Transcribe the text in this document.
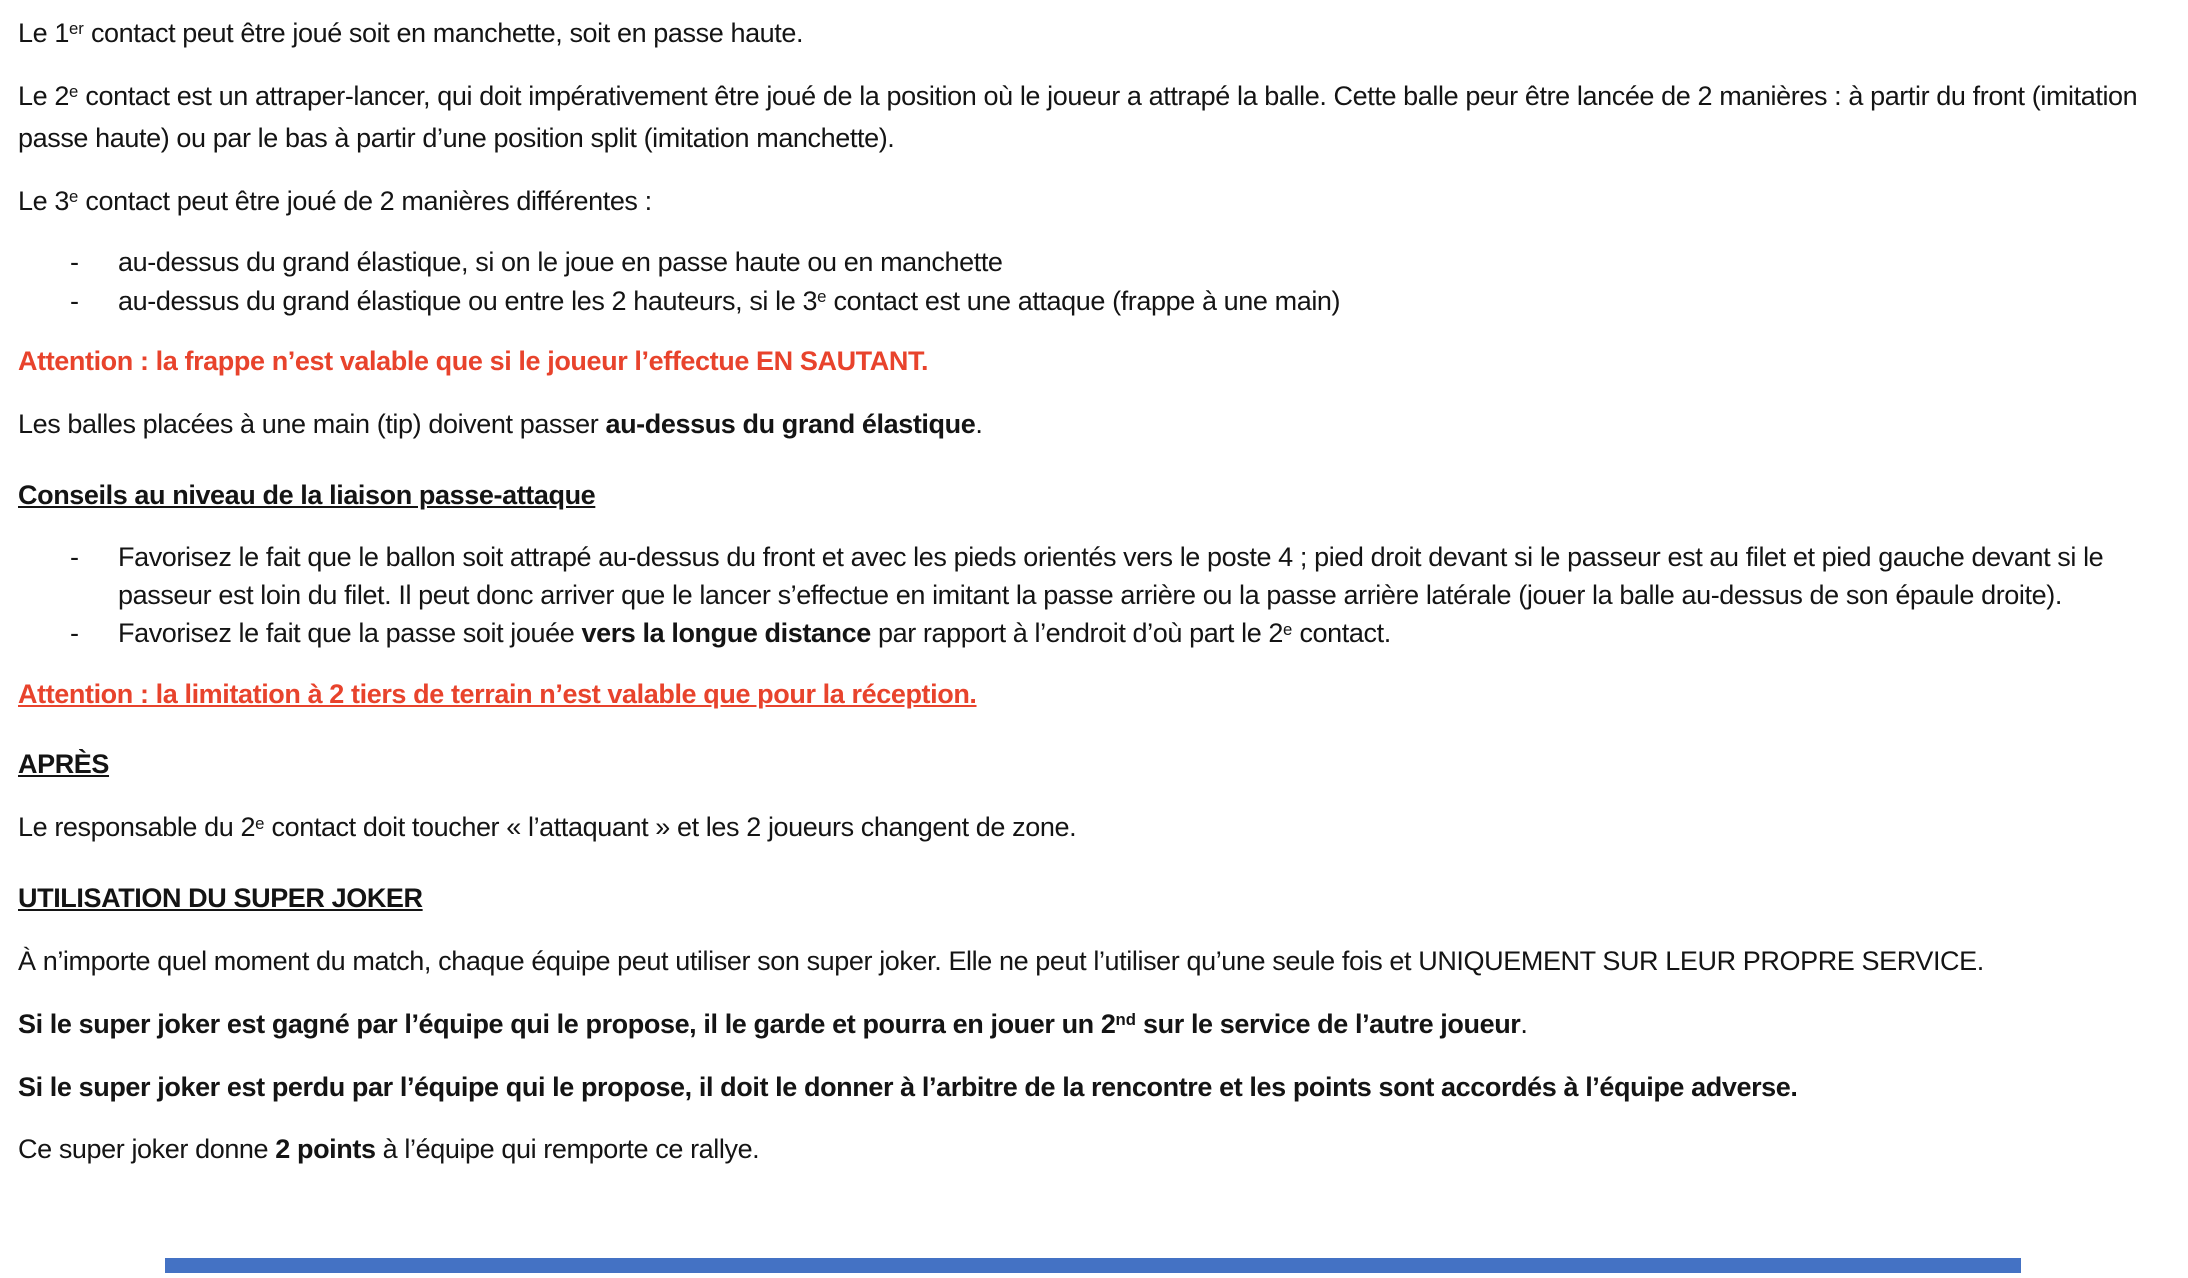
Le 1er contact peut être joué soit en manchette, soit en passe haute.

Le 2e contact est un attraper-lancer, qui doit impérativement être joué de la position où le joueur a attrapé la balle. Cette balle peur être lancée de 2 manières : à partir du front (imitation passe haute) ou par le bas à partir d’une position split (imitation manchette).

Le 3e contact peut être joué de 2 manières différentes :

- au-dessus du grand élastique, si on le joue en passe haute ou en manchette
- au-dessus du grand élastique ou entre les 2 hauteurs, si le 3e contact est une attaque (frappe à une main)

Attention : la frappe n’est valable que si le joueur l’effectue EN SAUTANT.

Les balles placées à une main (tip) doivent passer au-dessus du grand élastique.

Conseils au niveau de la liaison passe-attaque
- Favorisez le fait que le ballon soit attrapé au-dessus du front et avec les pieds orientés vers le poste 4 ; pied droit devant si le passeur est au filet et pied gauche devant si le passeur est loin du filet. Il peut donc arriver que le lancer s’effectue en imitant la passe arrière ou la passe arrière latérale (jouer la balle au-dessus de son épaule droite).
- Favorisez le fait que la passe soit jouée vers la longue distance par rapport à l’endroit d’où part le 2e contact.

Attention : la limitation à 2 tiers de terrain n’est valable que pour la réception.

APRÈS

Le responsable du 2e contact doit toucher « l’attaquant » et les 2 joueurs changent de zone.

UTILISATION DU SUPER JOKER

À n’importe quel moment du match, chaque équipe peut utiliser son super joker. Elle ne peut l’utiliser qu’une seule fois et UNIQUEMENT SUR LEUR PROPRE SERVICE.

Si le super joker est gagné par l’équipe qui le propose, il le garde et pourra en jouer un 2nd sur le service de l’autre joueur.

Si le super joker est perdu par l’équipe qui le propose, il doit le donner à l’arbitre de la rencontre et les points sont accordés à l’équipe adverse.

Ce super joker donne 2 points à l’équipe qui remporte ce rallye.
